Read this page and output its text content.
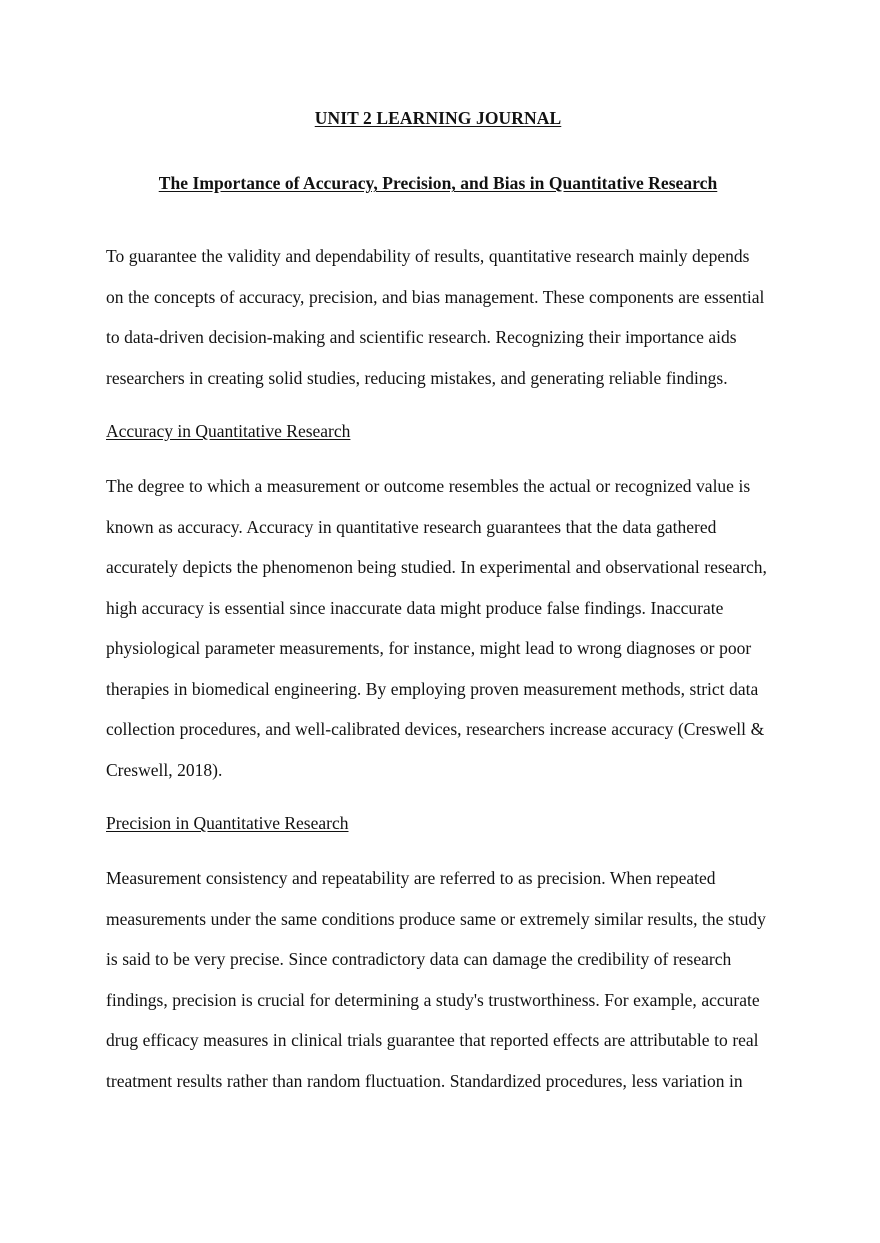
UNIT 2 LEARNING JOURNAL
The Importance of Accuracy, Precision, and Bias in Quantitative Research

To guarantee the validity and dependability of results, quantitative research mainly depends on the concepts of accuracy, precision, and bias management. These components are essential to data-driven decision-making and scientific research. Recognizing their importance aids researchers in creating solid studies, reducing mistakes, and generating reliable findings.

Accuracy in Quantitative Research

The degree to which a measurement or outcome resembles the actual or recognized value is known as accuracy. Accuracy in quantitative research guarantees that the data gathered accurately depicts the phenomenon being studied. In experimental and observational research, high accuracy is essential since inaccurate data might produce false findings. Inaccurate physiological parameter measurements, for instance, might lead to wrong diagnoses or poor therapies in biomedical engineering. By employing proven measurement methods, strict data collection procedures, and well-calibrated devices, researchers increase accuracy (Creswell & Creswell, 2018).

Precision in Quantitative Research

Measurement consistency and repeatability are referred to as precision. When repeated measurements under the same conditions produce same or extremely similar results, the study is said to be very precise. Since contradictory data can damage the credibility of research findings, precision is crucial for determining a study's trustworthiness. For example, accurate drug efficacy measures in clinical trials guarantee that reported effects are attributable to real treatment results rather than random fluctuation. Standardized procedures, less variation in
